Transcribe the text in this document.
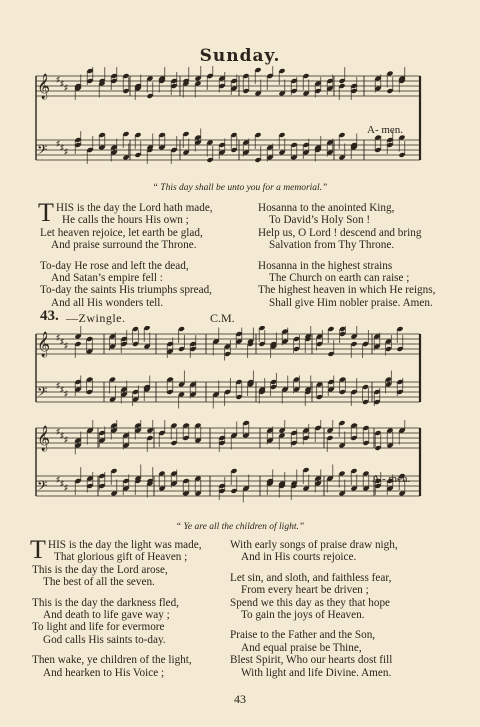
Sunday.
𝄞 ♯ ♯ ♯
𝄢 ♯ ♯ ♯
A- men.
“ This day shall be unto you for a memorial.”
T HIS is the day the Lord hath made,
He calls the hours His own ;
Let heaven rejoice, let earth be glad,
And praise surround the Throne.
To-day He rose and left the dead,
And Satan’s empire fell :
To-day the saints His triumphs spread,
And all His wonders tell.
Hosanna to the anointed King,
To David’s Holy Son !
Help us, O Lord ! descend and bring
Salvation from Thy Throne.
Hosanna in the highest strains
The Church on earth can raise ;
The highest heaven in which He reigns,
Shall give Him nobler praise. Amen.
43. —Zwingle.	C.M.
𝄞 ♯ ♯ ♯
𝄢 ♯ ♯ ♯
𝄞 ♯ ♯ ♯
𝄢 ♯ ♯ ♯
A - men.
“ Ye are all the children of light.”
T HIS is the day the light was made,
That glorious gift of Heaven ;
This is the day the Lord arose,
The best of all the seven.
This is the day the darkness fled,
And death to life gave way ;
To light and life for evermore
God calls His saints to-day.
Then wake, ye children of the light,
And hearken to His Voice ;
With early songs of praise draw nigh,
And in His courts rejoice.
Let sin, and sloth, and faithless fear,
From every heart be driven ;
Spend we this day as they that hope
To gain the joys of Heaven.
Praise to the Father and the Son,
And equal praise be Thine,
Blest Spirit, Who our hearts dost fill
With light and life Divine. Amen.
43
